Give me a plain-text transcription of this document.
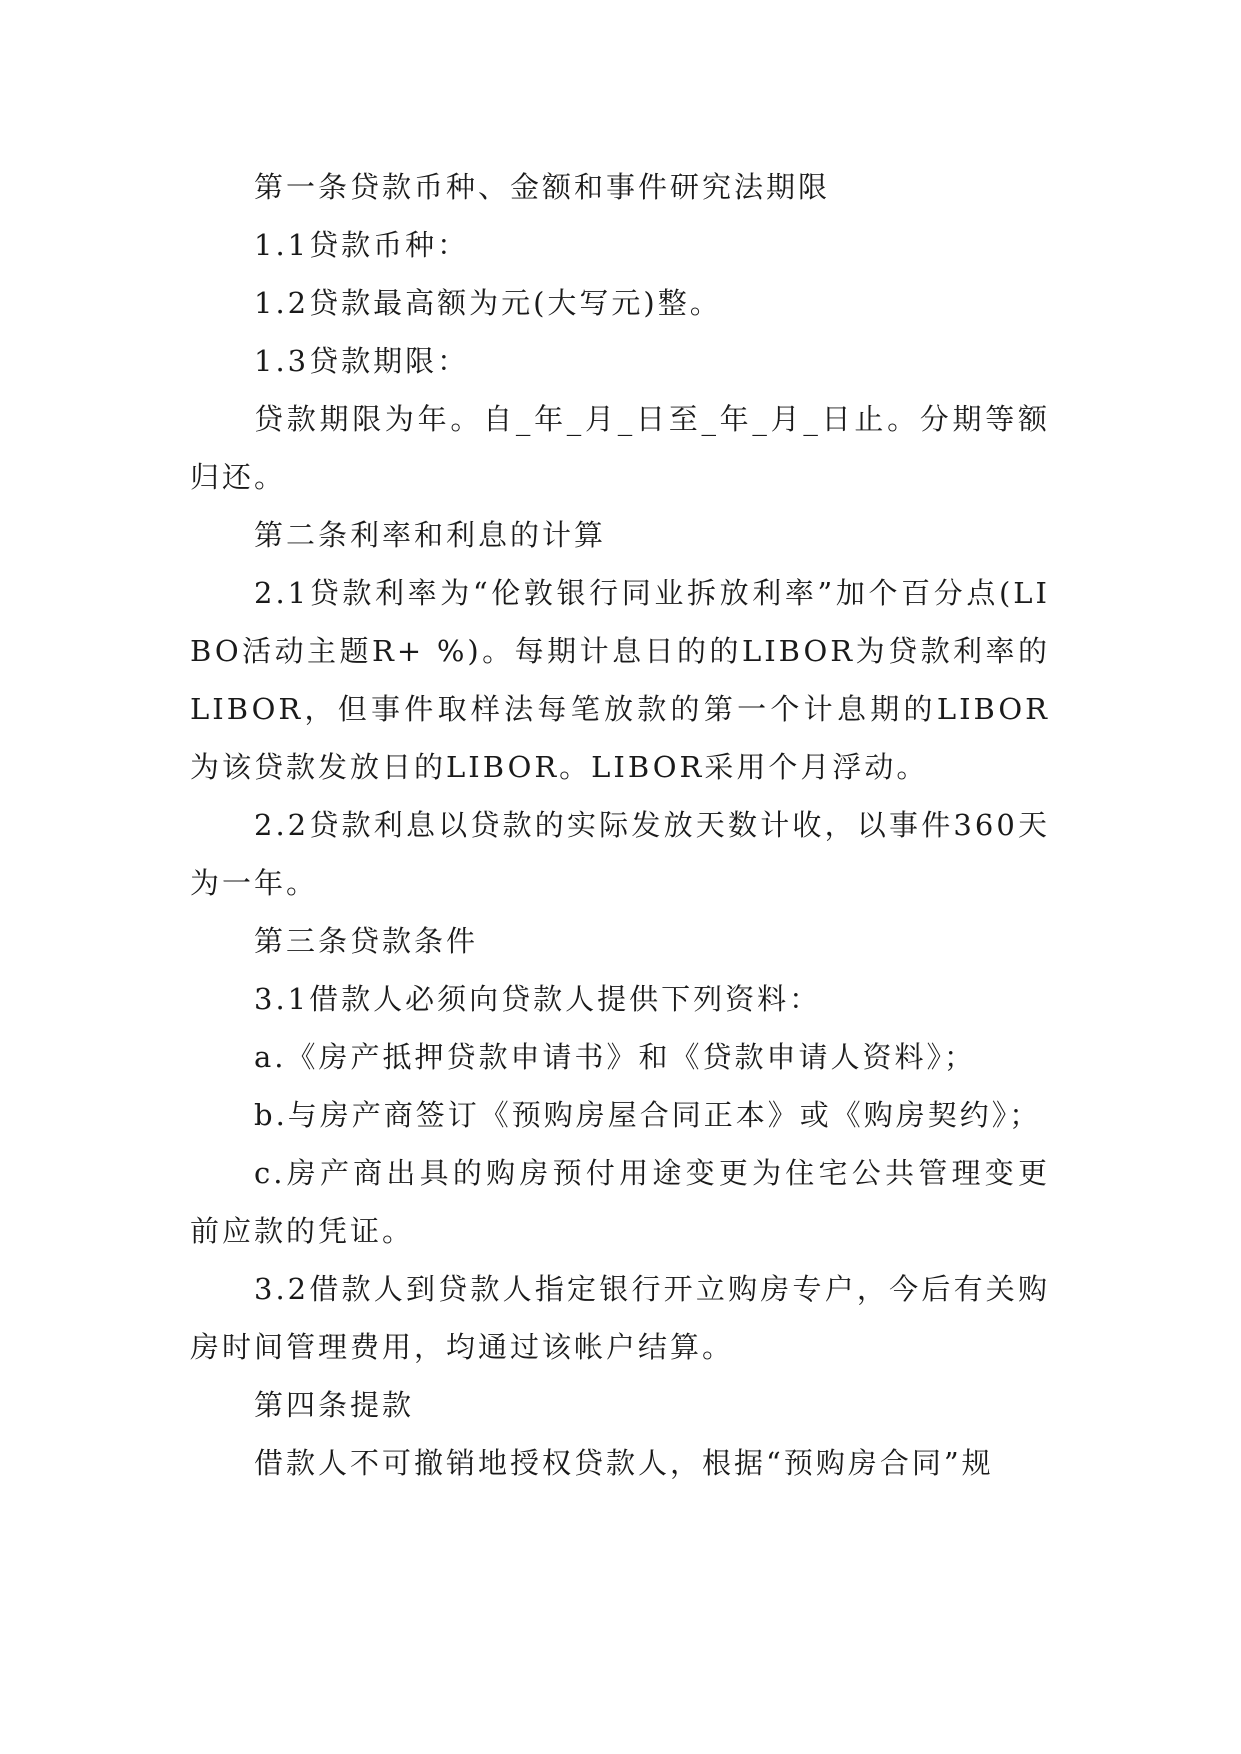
第一条贷款币种、金额和事件研究法期限

1.1贷款币种：

1.2贷款最高额为元(大写元)整。

1.3贷款期限：

贷款期限为年。自_年_月_日至_年_月_日止。分期等额归还。

第二条利率和利息的计算

2.1贷款利率为“伦敦银行同业拆放利率”加个百分点(LIBO活动主题R+ %)。每期计息日的的LIBOR为贷款利率的LIBOR，但事件取样法每笔放款的第一个计息期的LIBOR为该贷款发放日的LIBOR。LIBOR采用个月浮动。

2.2贷款利息以贷款的实际发放天数计收，以事件360天为一年。

第三条贷款条件

3.1借款人必须向贷款人提供下列资料：

a.《房产抵押贷款申请书》和《贷款申请人资料》；

b.与房产商签订《预购房屋合同正本》或《购房契约》；

c.房产商出具的购房预付用途变更为住宅公共管理变更前应款的凭证。

3.2借款人到贷款人指定银行开立购房专户，今后有关购房时间管理费用，均通过该帐户结算。

第四条提款

借款人不可撤销地授权贷款人，根据“预购房合同”规
